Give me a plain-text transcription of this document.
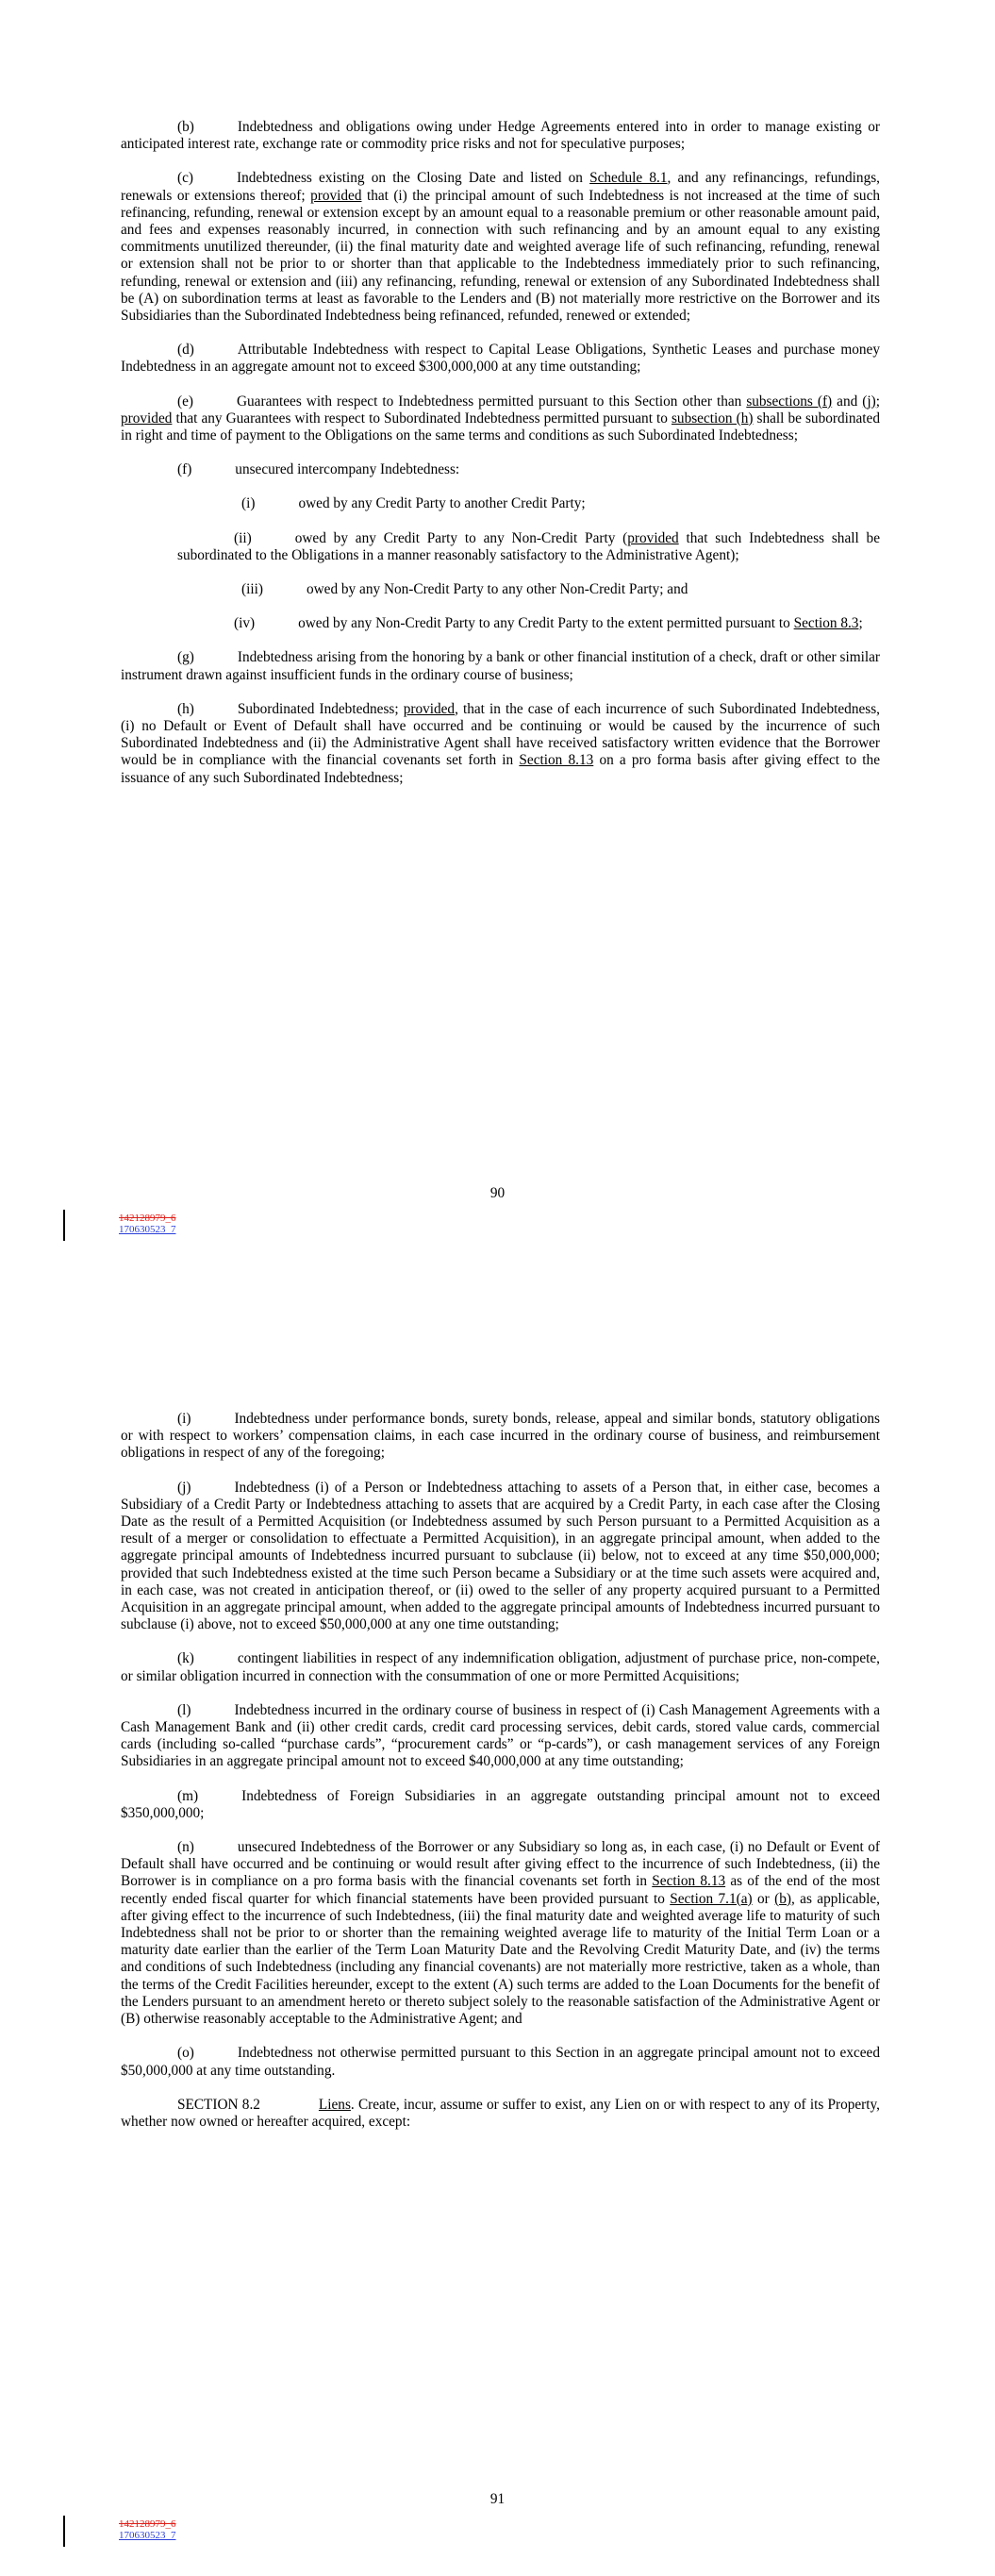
(b)	Indebtedness and obligations owing under Hedge Agreements entered into in order to manage existing or anticipated interest rate, exchange rate or commodity price risks and not for speculative purposes;

(c)	Indebtedness existing on the Closing Date and listed on Schedule 8.1, and any refinancings, refundings, renewals or extensions thereof; provided that (i) the principal amount of such Indebtedness is not increased at the time of such refinancing, refunding, renewal or extension except by an amount equal to a reasonable premium or other reasonable amount paid, and fees and expenses reasonably incurred, in connection with such refinancing and by an amount equal to any existing commitments unutilized thereunder, (ii) the final maturity date and weighted average life of such refinancing, refunding, renewal or extension shall not be prior to or shorter than that applicable to the Indebtedness immediately prior to such refinancing, refunding, renewal or extension and (iii) any refinancing, refunding, renewal or extension of any Subordinated Indebtedness shall be (A) on subordination terms at least as favorable to the Lenders and (B) not materially more restrictive on the Borrower and its Subsidiaries than the Subordinated Indebtedness being refinanced, refunded, renewed or extended;

(d)	Attributable Indebtedness with respect to Capital Lease Obligations, Synthetic Leases and purchase money Indebtedness in an aggregate amount not to exceed $300,000,000 at any time outstanding;

(e)	Guarantees with respect to Indebtedness permitted pursuant to this Section other than subsections (f) and (j); provided that any Guarantees with respect to Subordinated Indebtedness permitted pursuant to subsection (h) shall be subordinated in right and time of payment to the Obligations on the same terms and conditions as such Subordinated Indebtedness;

(f)	unsecured intercompany Indebtedness:

(i)	owed by any Credit Party to another Credit Party;

(ii)	owed by any Credit Party to any Non-Credit Party (provided that such Indebtedness shall be subordinated to the Obligations in a manner reasonably satisfactory to the Administrative Agent);

(iii)	owed by any Non-Credit Party to any other Non-Credit Party; and

(iv)	owed by any Non-Credit Party to any Credit Party to the extent permitted pursuant to Section 8.3;

(g)	Indebtedness arising from the honoring by a bank or other financial institution of a check, draft or other similar instrument drawn against insufficient funds in the ordinary course of business;

(h)	Subordinated Indebtedness; provided, that in the case of each incurrence of such Subordinated Indebtedness, (i) no Default or Event of Default shall have occurred and be continuing or would be caused by the incurrence of such Subordinated Indebtedness and (ii) the Administrative Agent shall have received satisfactory written evidence that the Borrower would be in compliance with the financial covenants set forth in Section 8.13 on a pro forma basis after giving effect to the issuance of any such Subordinated Indebtedness;

90
142128979_6
170630523_7

(i)	Indebtedness under performance bonds, surety bonds, release, appeal and similar bonds, statutory obligations or with respect to workers’ compensation claims, in each case incurred in the ordinary course of business, and reimbursement obligations in respect of any of the foregoing;

(j)	Indebtedness (i) of a Person or Indebtedness attaching to assets of a Person that, in either case, becomes a Subsidiary of a Credit Party or Indebtedness attaching to assets that are acquired by a Credit Party, in each case after the Closing Date as the result of a Permitted Acquisition (or Indebtedness assumed by such Person pursuant to a Permitted Acquisition as a result of a merger or consolidation to effectuate a Permitted Acquisition), in an aggregate principal amount, when added to the aggregate principal amounts of Indebtedness incurred pursuant to subclause (ii) below, not to exceed at any time $50,000,000; provided that such Indebtedness existed at the time such Person became a Subsidiary or at the time such assets were acquired and, in each case, was not created in anticipation thereof, or (ii) owed to the seller of any property acquired pursuant to a Permitted Acquisition in an aggregate principal amount, when added to the aggregate principal amounts of Indebtedness incurred pursuant to subclause (i) above, not to exceed $50,000,000 at any one time outstanding;

(k)	contingent liabilities in respect of any indemnification obligation, adjustment of purchase price, non-compete, or similar obligation incurred in connection with the consummation of one or more Permitted Acquisitions;

(l)	Indebtedness incurred in the ordinary course of business in respect of (i) Cash Management Agreements with a Cash Management Bank and (ii) other credit cards, credit card processing services, debit cards, stored value cards, commercial cards (including so-called “purchase cards”, “procurement cards” or “p-cards”), or cash management services of any Foreign Subsidiaries in an aggregate principal amount not to exceed $40,000,000 at any time outstanding;

(m)	Indebtedness of Foreign Subsidiaries in an aggregate outstanding principal amount not to exceed $350,000,000;

(n)	unsecured Indebtedness of the Borrower or any Subsidiary so long as, in each case, (i) no Default or Event of Default shall have occurred and be continuing or would result after giving effect to the incurrence of such Indebtedness, (ii) the Borrower is in compliance on a pro forma basis with the financial covenants set forth in Section 8.13 as of the end of the most recently ended fiscal quarter for which financial statements have been provided pursuant to Section 7.1(a) or (b), as applicable, after giving effect to the incurrence of such Indebtedness, (iii) the final maturity date and weighted average life to maturity of such Indebtedness shall not be prior to or shorter than the remaining weighted average life to maturity of the Initial Term Loan or a maturity date earlier than the earlier of the Term Loan Maturity Date and the Revolving Credit Maturity Date, and (iv) the terms and conditions of such Indebtedness (including any financial covenants) are not materially more restrictive, taken as a whole, than the terms of the Credit Facilities hereunder, except to the extent (A) such terms are added to the Loan Documents for the benefit of the Lenders pursuant to an amendment hereto or thereto subject solely to the reasonable satisfaction of the Administrative Agent or (B) otherwise reasonably acceptable to the Administrative Agent; and

(o)	Indebtedness not otherwise permitted pursuant to this Section in an aggregate principal amount not to exceed $50,000,000 at any time outstanding.

SECTION 8.2	Liens. Create, incur, assume or suffer to exist, any Lien on or with respect to any of its Property, whether now owned or hereafter acquired, except:

91
142128979_6
170630523_7
